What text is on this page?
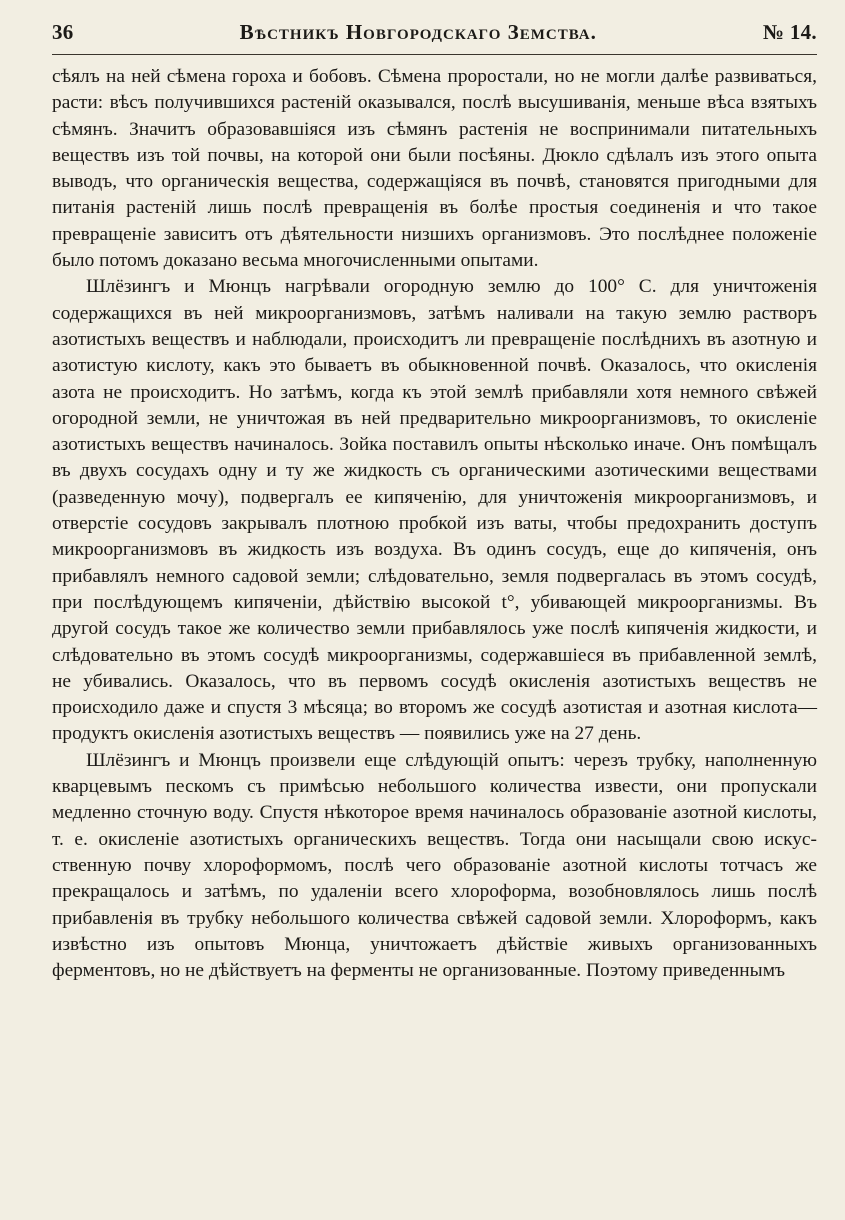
36	Вѣстникъ Новгородскаго Земства.	№ 14.

сѣялъ на ней сѣмена гороха и бобовъ. Сѣмена проростали, но не могли далѣе развиваться, расти: вѣсъ получившихся растеній оказывался, послѣ высушиванія, меньше вѣса взятыхъ сѣмянъ. Значитъ образовавшіяся изъ сѣмянъ растенія не воспринимали питательныхъ веществъ изъ той почвы, на которой они были посѣяны. Дюкло сдѣлалъ изъ этого опыта выводъ, что органическія вещества, содержащіяся въ почвѣ, становятся пригодными для питанія растеній лишь послѣ превращенія въ болѣе простыя соединенія и что такое превращеніе зависитъ отъ дѣятельности низшихъ организмовъ. Это послѣднее положеніе было потомъ доказано весьма многочисленными опытами.

Шлёзингъ и Мюнцъ нагрѣвали огородную землю до 100° С. для уничтоженія содержащихся въ ней микроорганизмовъ, затѣмъ наливали на такую землю растворъ азотистыхъ веществъ и наблюдали, происходитъ ли превращеніе послѣднихъ въ азотную и азотистую кислоту, какъ это бываетъ въ обыкновенной почвѣ. Оказалось, что окисленія азота не происходитъ. Но затѣмъ, когда къ этой землѣ прибавляли хотя немного свѣжей огородной земли, не уничтожая въ ней предварительно микроорганизмовъ, то окисленіе азотистыхъ веществъ начиналось. Зойка поставилъ опыты нѣсколько иначе. Онъ помѣщалъ въ двухъ сосудахъ одну и ту же жидкость съ органическими азотическими веществами (разведенную мочу), подвергалъ ее кипяченію, для уничтоженія микроорганизмовъ, и отверстіе сосудовъ закрывалъ плотною пробкой изъ ваты, чтобы предохранить доступъ микроорганизмовъ въ жидкость изъ воздуха. Въ одинъ сосудъ, еще до кипяченія, онъ прибавлялъ немного садовой земли; слѣдовательно, земля подвергалась въ этомъ сосудѣ, при послѣдующемъ кипяченіи, дѣйствію высокой t°, убивающей микроорганизмы. Въ другой сосудъ такое же количество земли прибавлялось уже послѣ кипяченія жидкости, и слѣдовательно въ этомъ сосудѣ микроорганизмы, содержавшіеся въ прибавленной землѣ, не убивались. Оказалось, что въ первомъ сосудѣ окисленія азотистыхъ веществъ не происходило даже и спустя 3 мѣсяца; во второмъ же сосудѣ азотистая и азотная кислота— продуктъ окисленія азотистыхъ веществъ — появились уже на 27 день.

Шлёзингъ и Мюнцъ произвели еще слѣдующій опытъ: черезъ трубку, наполненную кварцевымъ пескомъ съ примѣсью небольшого количества извести, они пропускали медленно сточную воду. Спустя нѣкоторое время начиналось образованіе азотной кислоты, т. е. окисленіе азотистыхъ органическихъ веществъ. Тогда они насыщали свою искусственную почву хлороформомъ, послѣ чего образованіе азотной кислоты тотчасъ же прекращалось и затѣмъ, по удаленіи всего хлороформа, возобновлялось лишь послѣ прибавленія въ трубку небольшого количества свѣжей садовой земли. Хлороформъ, какъ извѣстно изъ опытовъ Мюнца, уничтожаетъ дѣйствіе живыхъ организованныхъ ферментовъ, но не дѣйствуетъ на ферменты не организованные. Поэтому приведеннымъ
